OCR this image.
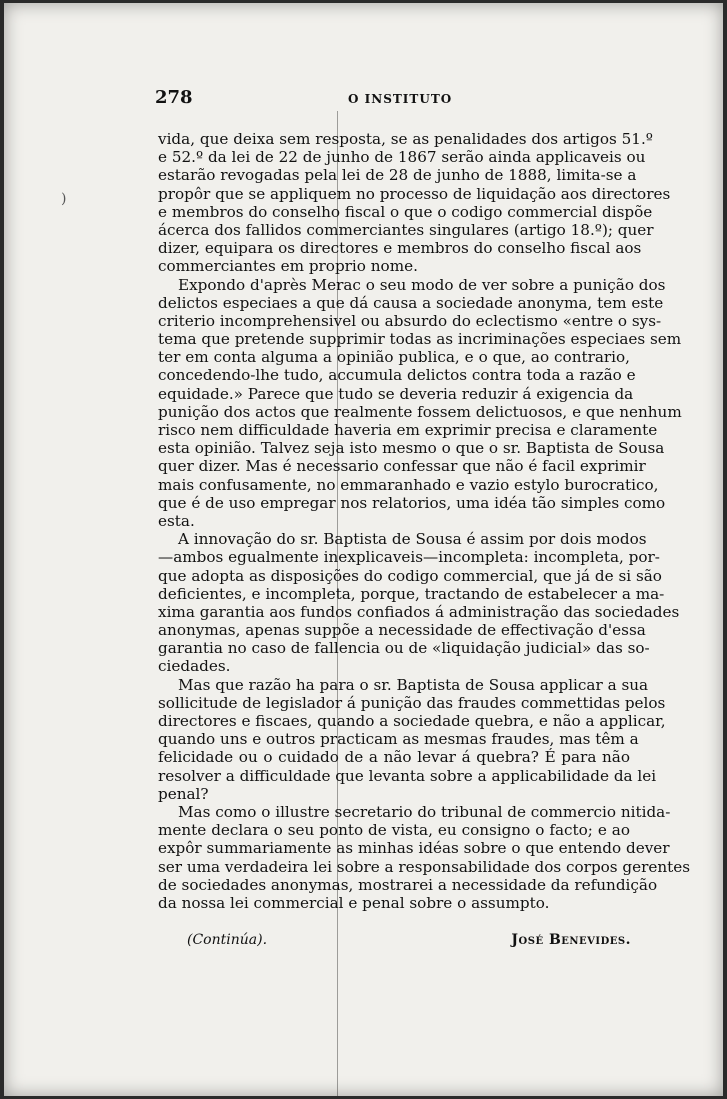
)
278	O INSTITUTO
vida, que deixa sem resposta, se as penalidades dos artigos 51.º
e 52.º da lei de 22 de junho de 1867 serão ainda applicaveis ou
estarão revogadas pela lei de 28 de junho de 1888, limita-se a
propôr que se appliquem no processo de liquidação aos directores
e membros do conselho fiscal o que o codigo commercial dispõe
ácerca dos fallidos commerciantes singulares (artigo 18.º); quer
dizer, equipara os directores e membros do conselho fiscal aos
commerciantes em proprio nome.
Expondo d'après Merac o seu modo de ver sobre a punição dos
delictos especiaes a que dá causa a sociedade anonyma, tem este
criterio incomprehensivel ou absurdo do eclectismo «entre o sys-
tema que pretende supprimir todas as incriminações especiaes sem
ter em conta alguma a opinião publica, e o que, ao contrario,
concedendo-lhe tudo, accumula delictos contra toda a razão e
equidade.» Parece que tudo se deveria reduzir á exigencia da
punição dos actos que realmente fossem delictuosos, e que nenhum
risco nem difficuldade haveria em exprimir precisa e claramente
esta opinião. Talvez seja isto mesmo o que o sr. Baptista de Sousa
quer dizer. Mas é necessario confessar que não é facil exprimir
mais confusamente, no emmaranhado e vazio estylo burocratico,
que é de uso empregar nos relatorios, uma idéa tão simples como
esta.
A innovação do sr. Baptista de Sousa é assim por dois modos
—ambos egualmente inexplicaveis—incompleta: incompleta, por-
que adopta as disposições do codigo commercial, que já de si são
deficientes, e incompleta, porque, tractando de estabelecer a ma-
xima garantia aos fundos confiados á administração das sociedades
anonymas, apenas suppõe a necessidade de effectivação d'essa
garantia no caso de fallencia ou de «liquidação judicial» das so-
ciedades.
Mas que razão ha para o sr. Baptista de Sousa applicar a sua
sollicitude de legislador á punição das fraudes commettidas pelos
directores e fiscaes, quando a sociedade quebra, e não a applicar,
quando uns e outros practicam as mesmas fraudes, mas têm a
felicidade ou o cuidado de a não levar á quebra? É para não
resolver a difficuldade que levanta sobre a applicabilidade da lei
penal?
Mas como o illustre secretario do tribunal de commercio nitida-
mente declara o seu ponto de vista, eu consigno o facto; e ao
expôr summariamente as minhas idéas sobre o que entendo dever
ser uma verdadeira lei sobre a responsabilidade dos corpos gerentes
de sociedades anonymas, mostrarei a necessidade da refundição
da nossa lei commercial e penal sobre o assumpto.
(Continúa).	José Benevides.
